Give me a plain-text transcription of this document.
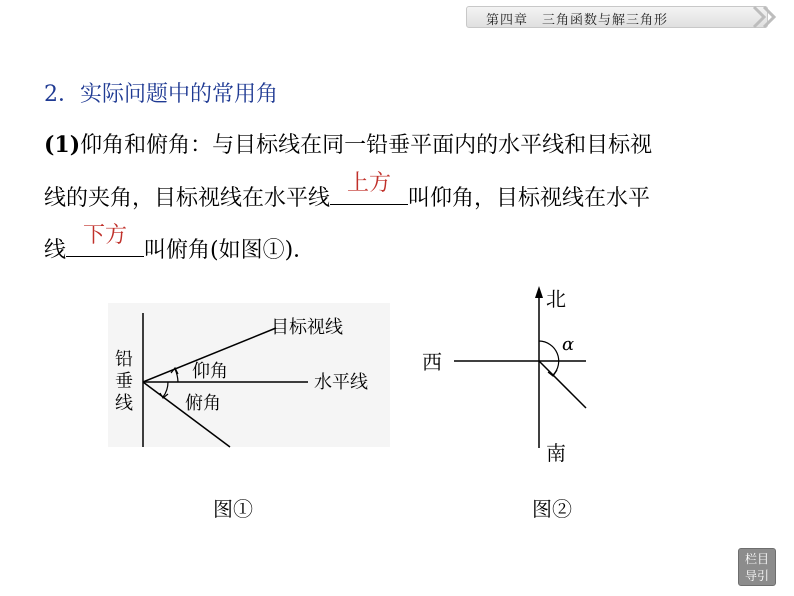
第四章　三角函数与解三角形
2．实际问题中的常用角
(1)仰角和俯角：与目标线在同一铅垂平面内的水平线和目标视
线的夹角，目标视线在水平线
上方
叫仰角，目标视线在水平
线
下方
叫俯角(如图①)．
目标视线
仰角
水平线
俯角
铅
垂
线
北
西
α
南
图①	图②
栏目
导引
